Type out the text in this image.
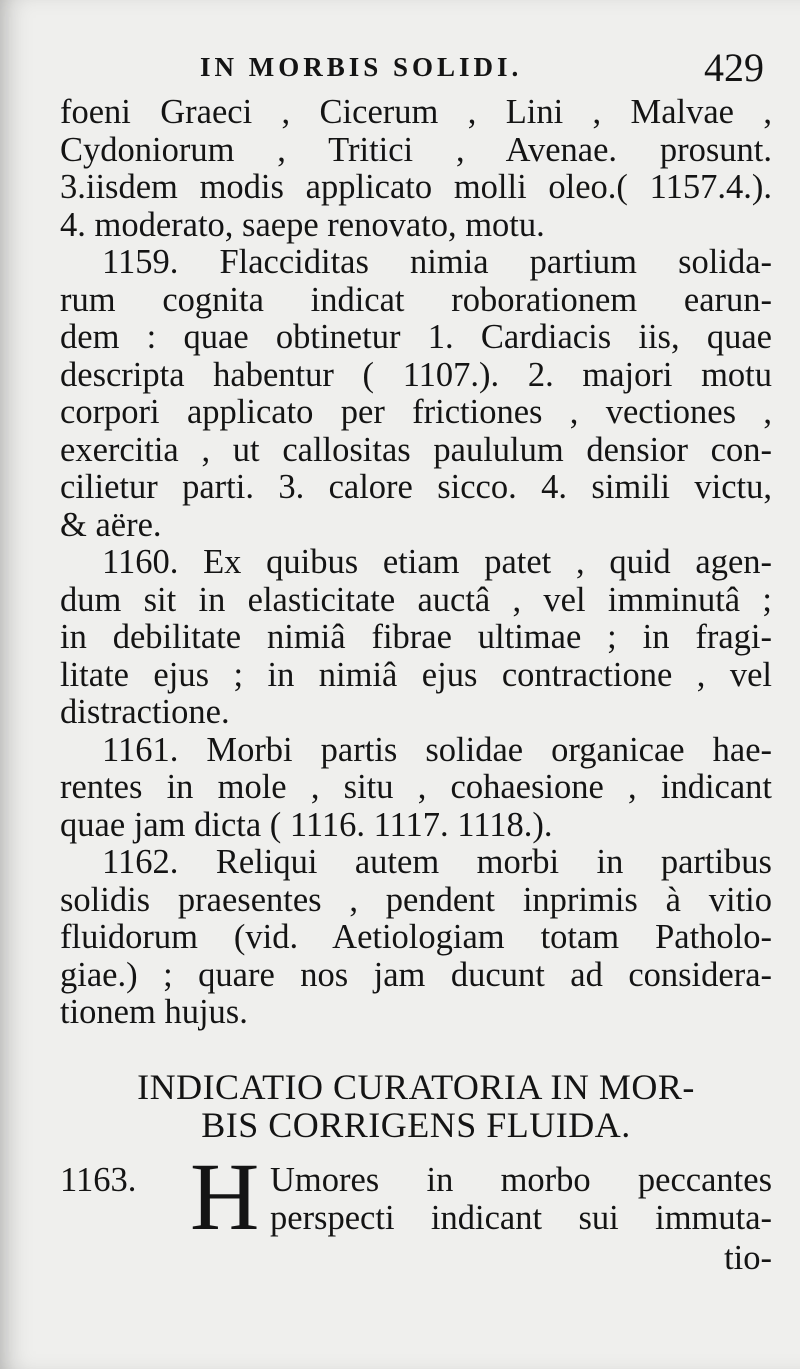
IN MORBIS SOLIDI.	429
foeni Graeci , Cicerum , Lini , Malvae ,
Cydoniorum , Tritici , Avenae. prosunt.
3.iisdem modis applicato molli oleo.( 1157.4.).
4. moderato, saepe renovato, motu.
1159. Flacciditas nimia partium solida-
rum cognita indicat roborationem earun-
dem : quae obtinetur 1. Cardiacis iis, quae
descripta habentur ( 1107.). 2. majori motu
corpori applicato per frictiones , vectiones ,
exercitia , ut callositas paululum densior con-
cilietur parti. 3. calore sicco. 4. simili victu,
& aëre.
1160. Ex quibus etiam patet , quid agen-
dum sit in elasticitate auctâ , vel imminutâ ;
in debilitate nimiâ fibrae ultimae ; in fragi-
litate ejus ; in nimiâ ejus contractione , vel
distractione.
1161. Morbi partis solidae organicae hae-
rentes in mole , situ , cohaesione , indicant
quae jam dicta ( 1116. 1117. 1118.).
1162. Reliqui autem morbi in partibus
solidis praesentes , pendent inprimis à vitio
fluidorum (vid. Aetiologiam totam Patholo-
giae.) ; quare nos jam ducunt ad considera-
tionem hujus.
INDICATIO CURATORIA IN MOR-
BIS CORRIGENS FLUIDA.
1163. H Umores in morbo peccantes
perspecti indicant sui immuta-
tio-
